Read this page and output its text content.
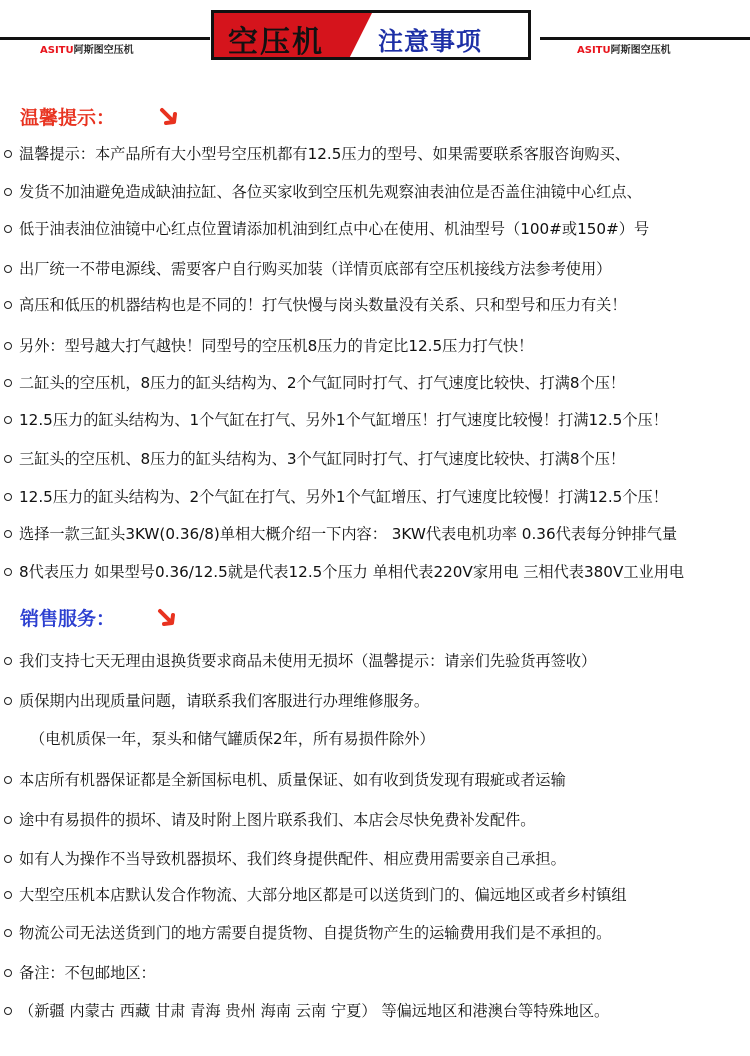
ASITU阿斯图空压机	ASITU阿斯图空压机
空压机 注意事项
温馨提示：
温馨提示：本产品所有大小型号空压机都有12.5压力的型号、如果需要联系客服咨询购买、
发货不加油避免造成缺油拉缸、各位买家收到空压机先观察油表油位是否盖住油镜中心红点、
低于油表油位油镜中心红点位置请添加机油到红点中心在使用、机油型号（100#或150#）号
出厂统一不带电源线、需要客户自行购买加装（详情页底部有空压机接线方法参考使用）
高压和低压的机器结构也是不同的！打气快慢与岗头数量没有关系、只和型号和压力有关！
另外：型号越大打气越快！同型号的空压机8压力的肯定比12.5压力打气快！
二缸头的空压机，8压力的缸头结构为、2个气缸同时打气、打气速度比较快、打满8个压！
12.5压力的缸头结构为、1个气缸在打气、另外1个气缸增压！打气速度比较慢！打满12.5个压！
三缸头的空压机、8压力的缸头结构为、3个气缸同时打气、打气速度比较快、打满8个压！
12.5压力的缸头结构为、2个气缸在打气、另外1个气缸增压、打气速度比较慢！打满12.5个压！
选择一款三缸头3KW(0.36/8)单相大概介绍一下内容： 3KW代表电机功率 0.36代表每分钟排气量
8代表压力 如果型号0.36/12.5就是代表12.5个压力 单相代表220V家用电 三相代表380V工业用电
销售服务：
我们支持七天无理由退换货要求商品未使用无损坏（温馨提示：请亲们先验货再签收）
质保期内出现质量问题，请联系我们客服进行办理维修服务。
（电机质保一年，泵头和储气罐质保2年，所有易损件除外）
本店所有机器保证都是全新国标电机、质量保证、如有收到货发现有瑕疵或者运输
途中有易损件的损坏、请及时附上图片联系我们、本店会尽快免费补发配件。
如有人为操作不当导致机器损坏、我们终身提供配件、相应费用需要亲自己承担。
大型空压机本店默认发合作物流、大部分地区都是可以送货到门的、偏远地区或者乡村镇组
物流公司无法送货到门的地方需要自提货物、自提货物产生的运输费用我们是不承担的。
备注：不包邮地区：
（新疆 内蒙古 西藏 甘肃 青海 贵州 海南 云南 宁夏） 等偏远地区和港澳台等特殊地区。
